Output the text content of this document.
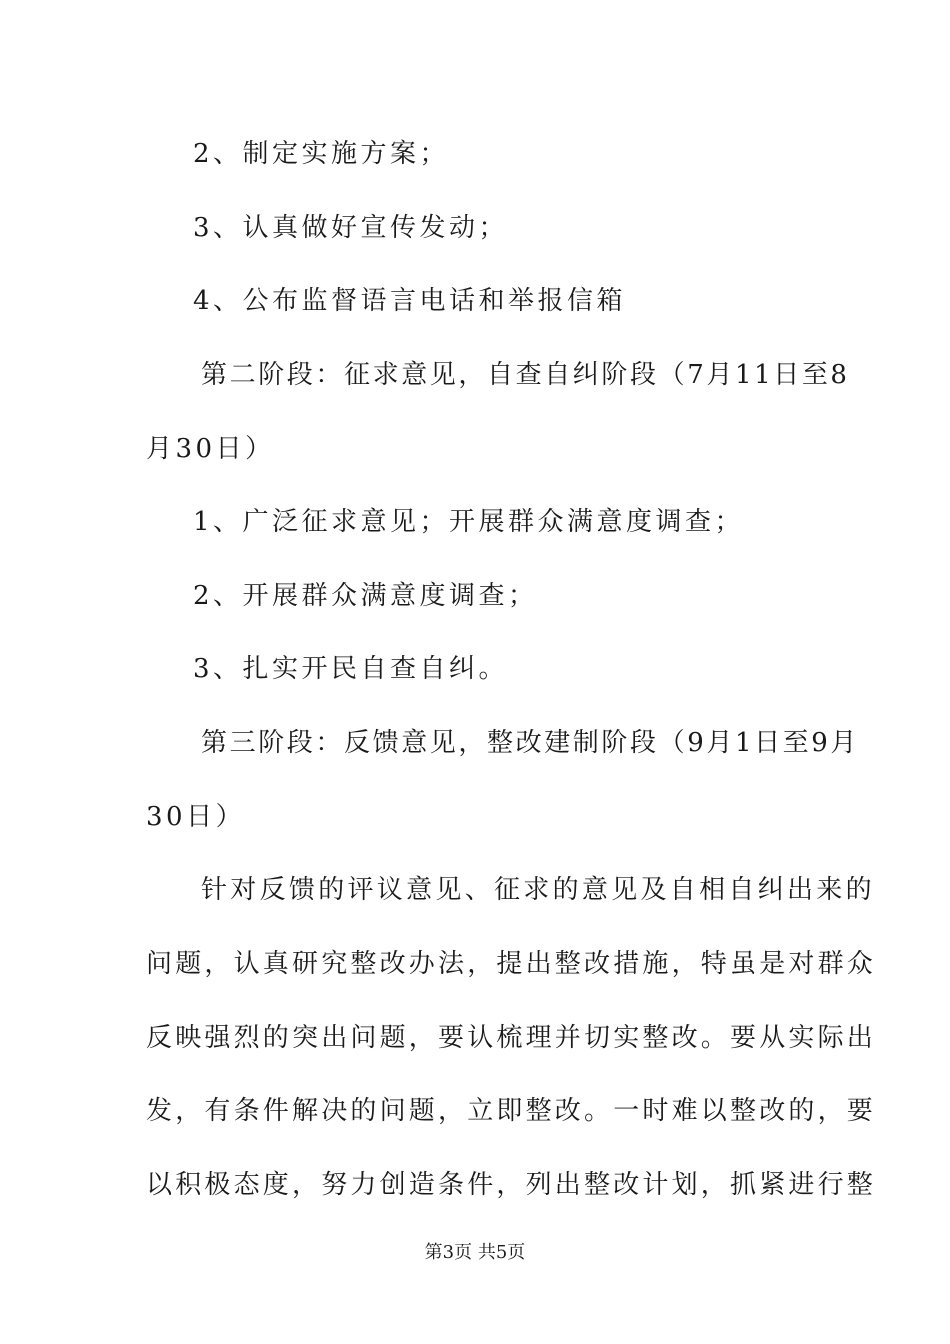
2、制定实施方案；
3、认真做好宣传发动；
4、公布监督语言电话和举报信箱
第二阶段：征求意见，自查自纠阶段（7月11日至8
月30日）
1、广泛征求意见；开展群众满意度调查；
2、开展群众满意度调查；
3、扎实开民自查自纠。
第三阶段：反馈意见，整改建制阶段（9月1日至9月
30日）
针对反馈的评议意见、征求的意见及自相自纠出来的
问题，认真研究整改办法，提出整改措施，特虽是对群众
反映强烈的突出问题，要认梳理并切实整改。要从实际出
发，有条件解决的问题，立即整改。一时难以整改的，要
以积极态度，努力创造条件，列出整改计划，抓紧进行整
第3页 共5页
